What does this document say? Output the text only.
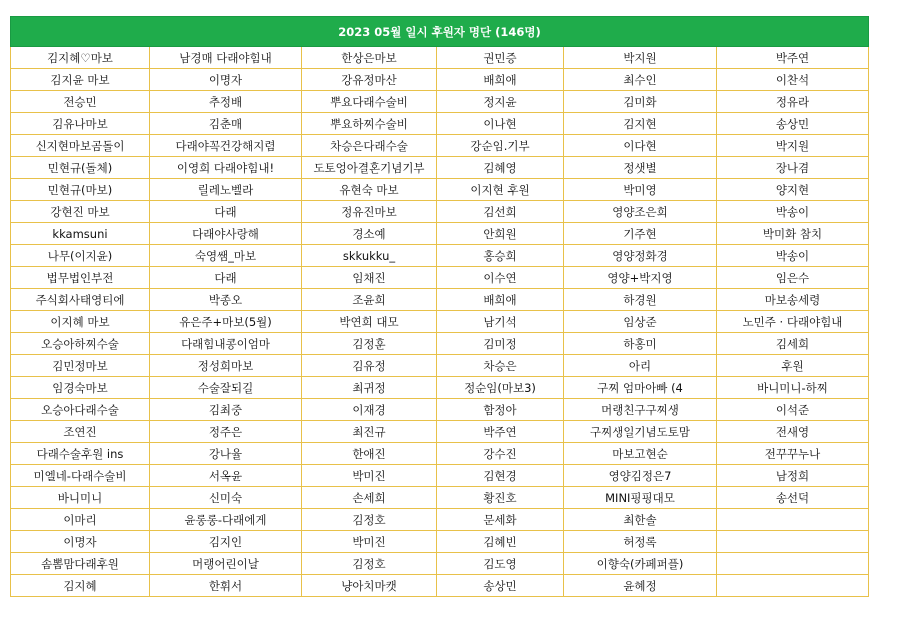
2023 05월 일시 후원자 명단 (146명)					
김지혜♡마보	남경매 다래야힘내	한상은마보	권민증	박지원	박주연
김지윤 마보	이명자	강유정마산	배희애	최수인	이찬석
전승민	추정배	뿌요다래수술비	정지윤	김미화	정유라
김유나마보	김춘매	뿌요하찌수술비	이나현	김지현	송상민
신지현마보곰돌이	다래야꼭건강해지렴	차승은다래수술	강순임.기부	이다현	박지원
민현규(돌체)	이영희 다래야힘내!	도토엉아결혼기념기부	김혜영	정샛별	장나겸
민현규(마보)	릴레노벨라	유현숙 마보	이지현 후원	박미영	양지현
강현진 마보	다래	정유진마보	김선희	영양조은희	박송이
kkamsuni	다래야사랑해	경소예	안희원	기주현	박미화 참치
나무(이지윤)	숙영쌤_마보	skkukku_	홍승희	영양정화경	박송이
법무법인부전	다래	임채진	이수연	영양+박지영	임은수
주식회사태영티에	박종오	조윤희	배희애	하경원	마보송세령
이지혜 마보	유은주+마보(5월)	박연희 대모	남기석	임상준	노민주 · 다래야힘내
오승아하찌수술	다래힘내콩이엄마	김정훈	김미정	하홍미	김세희
김민정마보	정성희마보	김유정	차승은	아리	후원
임경숙마보	수술잘되길	최귀정	정순임(마보3)	구찌 엄마아빠 (4	바니미니-하찌
오승아다래수술	김최중	이재경	함정아	머랭친구구찌생	이석준
조연진	정주은	최진규	박주연	구찌생일기념도토맘	전새영
다래수술후원 ins	강나율	한애진	강수진	마보고현순	전꾸꾸누나
미엘네-다래수술비	서옥윤	박미진	김현경	영양김정은7	남정희
바니미니	신미숙	손세희	황진호	MINI핑핑대모	송선덕
이마리	윤롱롱-다래에게	김정호	문세화	최한솔	
이명자	김지인	박미진	김혜빈	허정록	
솜뽐맘다래후원	머랭어린이날	김정호	김도영	이향숙(카페퍼플)	
김지혜	한휘서	냥아치마캣	송상민	윤혜정	
